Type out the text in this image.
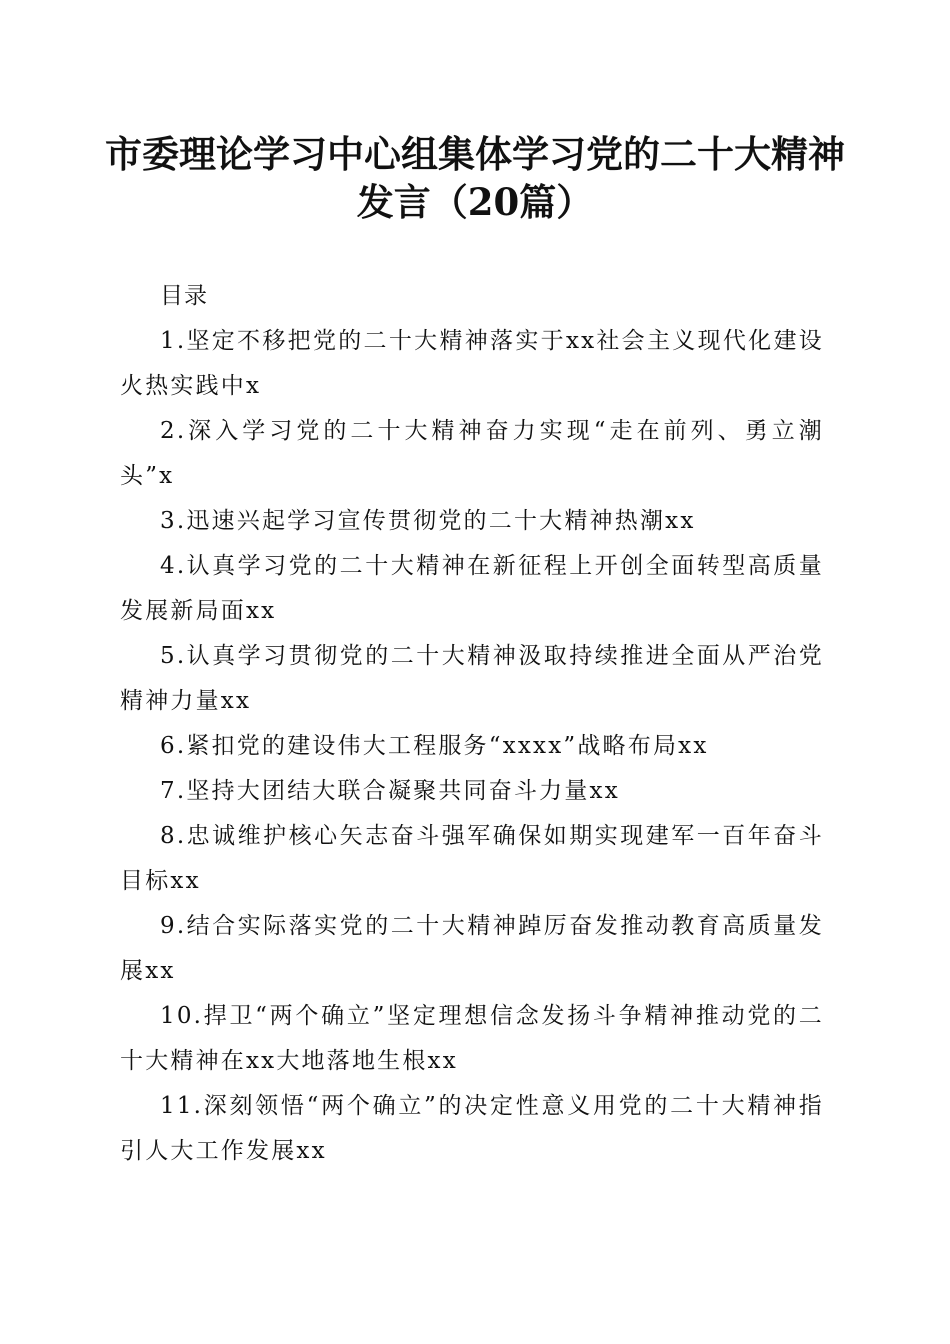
市委理论学习中心组集体学习党的二十大精神
发言（20篇）

目录

1.坚定不移把党的二十大精神落实于xx社会主义现代化建设火热实践中x
2.深入学习党的二十大精神奋力实现“走在前列、勇立潮头”x
3.迅速兴起学习宣传贯彻党的二十大精神热潮xx
4.认真学习党的二十大精神在新征程上开创全面转型高质量发展新局面xx
5.认真学习贯彻党的二十大精神汲取持续推进全面从严治党精神力量xx
6.紧扣党的建设伟大工程服务“xxxx”战略布局xx
7.坚持大团结大联合凝聚共同奋斗力量xx
8.忠诚维护核心矢志奋斗强军确保如期实现建军一百年奋斗目标xx
9.结合实际落实党的二十大精神踔厉奋发推动教育高质量发展xx
10.捍卫“两个确立”坚定理想信念发扬斗争精神推动党的二十大精神在xx大地落地生根xx
11.深刻领悟“两个确立”的决定性意义用党的二十大精神指引人大工作发展xx
